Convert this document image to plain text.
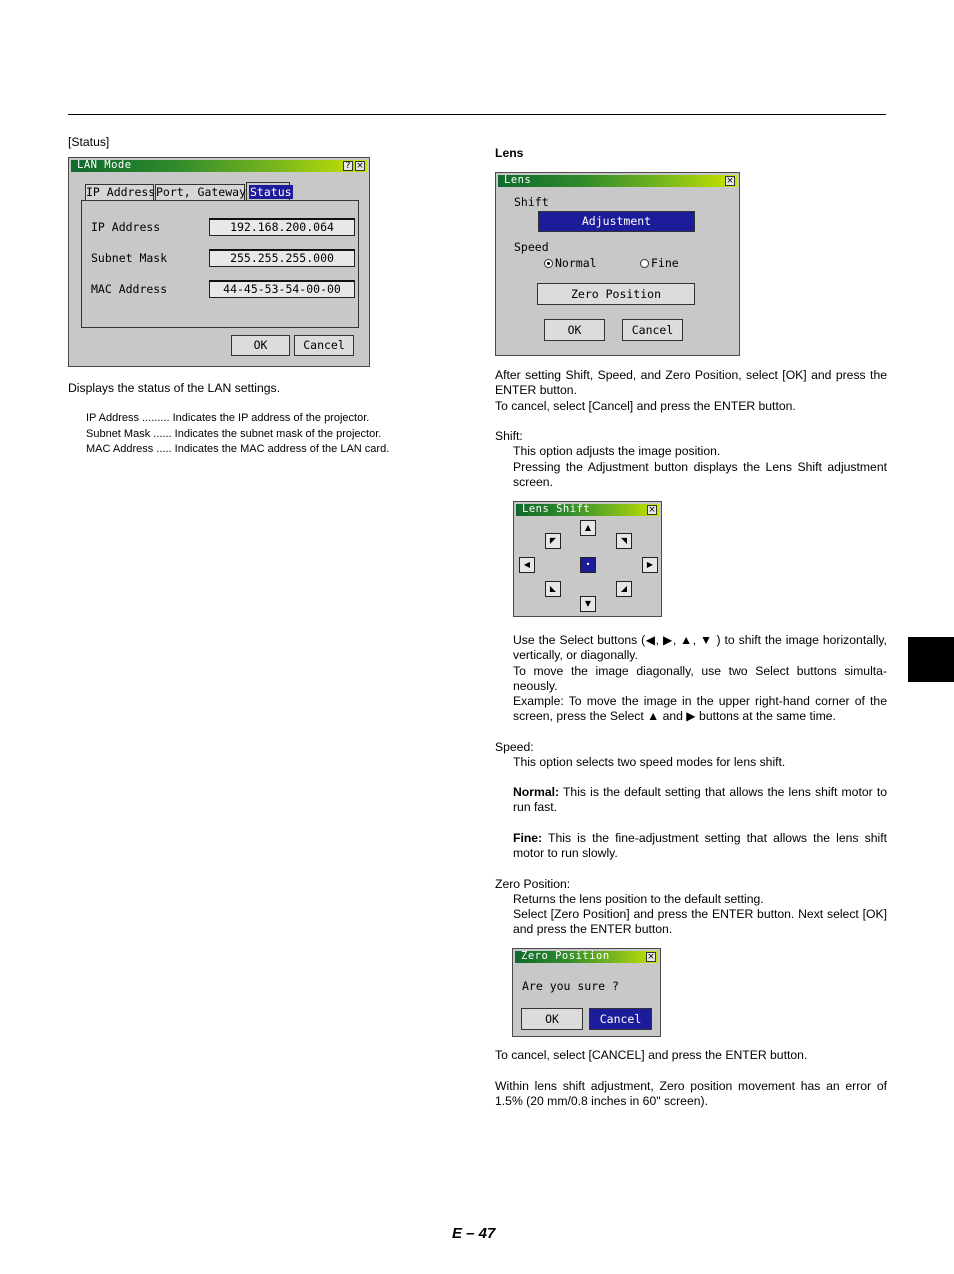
[Status]
LAN Mode	? ×
IP Address Port, Gateway Status
IP Address	192.168.200.064
Subnet Mask	255.255.255.000
MAC Address	44-45-53-54-00-00
OK	Cancel
Displays the status of the LAN settings.
IP Address ......... Indicates the IP address of the projector.
Subnet Mask ...... Indicates the subnet mask of the projector.
MAC Address ..... Indicates the MAC address of the LAN card.
Lens
Lens	×
Shift
Adjustment
Speed
Normal	Fine
Zero Position
OK	Cancel
After setting Shift, Speed, and Zero Position, select [OK] and press the ENTER button.
To cancel, select [Cancel] and press the ENTER button.
Shift:
This option adjusts the image position.
Pressing the Adjustment button displays the Lens Shift adjustment screen.
Lens Shift	×
▲
◤	◥
◀	•	▶
◣	◢
▼
Use the Select buttons (◀, ▶, ▲, ▼ ) to shift the image horizontally, vertically, or diagonally.
To move the image diagonally, use two Select buttons simulta-neously.
Example: To move the image in the upper right-hand corner of the screen, press the Select ▲ and ▶ buttons at the same time.
Speed:
This option selects two speed modes for lens shift.
Normal: This is the default setting that allows the lens shift motor to run fast.
Fine: This is the fine-adjustment setting that allows the lens shift motor to run slowly.
Zero Position:
Returns the lens position to the default setting.
Select [Zero Position] and press the ENTER button. Next select [OK] and press the ENTER button.
Zero Position	×
Are you sure ?
OK	Cancel
To cancel, select [CANCEL] and press the ENTER button.
Within lens shift adjustment, Zero position movement has an error of 1.5% (20 mm/0.8 inches in 60" screen).
E – 47
